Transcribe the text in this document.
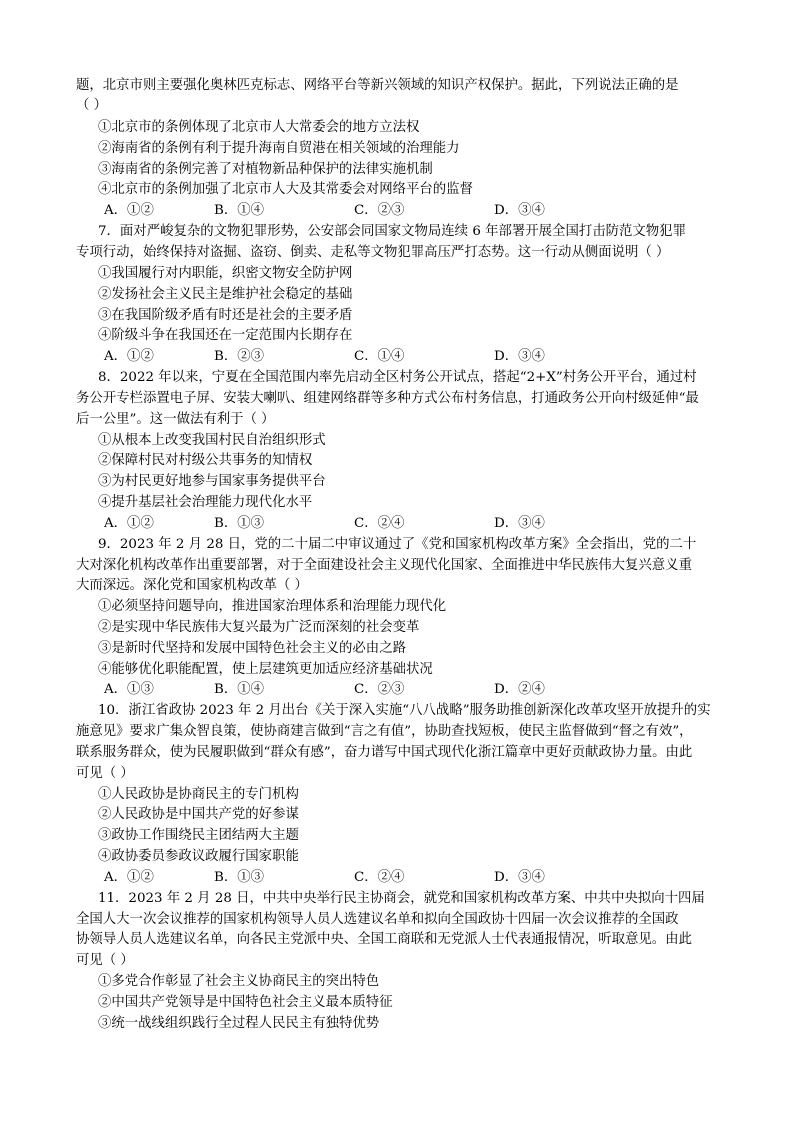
题，北京市则主要强化奥林匹克标志、网络平台等新兴领域的知识产权保护。据此，下列说法正确的是
（ ）
①北京市的条例体现了北京市人大常委会的地方立法权
②海南省的条例有利于提升海南自贸港在相关领域的治理能力
③海南省的条例完善了对植物新品种保护的法律实施机制
④北京市的条例加强了北京市人大及其常委会对网络平台的监督
A．①②	B．①④	C．②③	D．③④
7．面对严峻复杂的文物犯罪形势，公安部会同国家文物局连续 6 年部署开展全国打击防范文物犯罪
专项行动，始终保持对盗掘、盗窃、倒卖、走私等文物犯罪高压严打态势。这一行动从侧面说明（ ）
①我国履行对内职能，织密文物安全防护网
②发扬社会主义民主是维护社会稳定的基础
③在我国阶级矛盾有时还是社会的主要矛盾
④阶级斗争在我国还在一定范围内长期存在
A．①②	B．②③	C．①④	D．③④
8．2022 年以来，宁夏在全国范围内率先启动全区村务公开试点，搭起“2+X”村务公开平台，通过村
务公开专栏添置电子屏、安装大喇叭、组建网络群等多种方式公布村务信息，打通政务公开向村级延伸“最
后一公里”。这一做法有利于（ ）
①从根本上改变我国村民自治组织形式
②保障村民对村级公共事务的知情权
③为村民更好地参与国家事务提供平台
④提升基层社会治理能力现代化水平
A．①②	B．①③	C．②④	D．③④
9．2023 年 2 月 28 日，党的二十届二中审议通过了《党和国家机构改革方案》全会指出，党的二十
大对深化机构改革作出重要部署，对于全面建设社会主义现代化国家、全面推进中华民族伟大复兴意义重
大而深远。深化党和国家机构改革（ ）
①必须坚持问题导向，推进国家治理体系和治理能力现代化
②是实现中华民族伟大复兴最为广泛而深刻的社会变革
③是新时代坚持和发展中国特色社会主义的必由之路
④能够优化职能配置，使上层建筑更加适应经济基础状况
A．①③	B．①④	C．②③	D．②④
10．浙江省政协 2023 年 2 月出台《关于深入实施“八八战略”服务助推创新深化改革攻坚开放提升的实
施意见》要求广集众智良策，使协商建言做到“言之有值”，协助查找短板，使民主监督做到“督之有效”，
联系服务群众，使为民履职做到“群众有感”，奋力谱写中国式现代化浙江篇章中更好贡献政协力量。由此
可见（ ）
①人民政协是协商民主的专门机构
②人民政协是中国共产党的好参谋
③政协工作围绕民主团结两大主题
④政协委员参政议政履行国家职能
A．①②	B．①③	C．②④	D．③④
11．2023 年 2 月 28 日，中共中央举行民主协商会，就党和国家机构改革方案、中共中央拟向十四届
全国人大一次会议推荐的国家机构领导人员人选建议名单和拟向全国政协十四届一次会议推荐的全国政
协领导人员人选建议名单，向各民主党派中央、全国工商联和无党派人士代表通报情况，听取意见。由此
可见（ ）
①多党合作彰显了社会主义协商民主的突出特色
②中国共产党领导是中国特色社会主义最本质特征
③统一战线组织践行全过程人民民主有独特优势
